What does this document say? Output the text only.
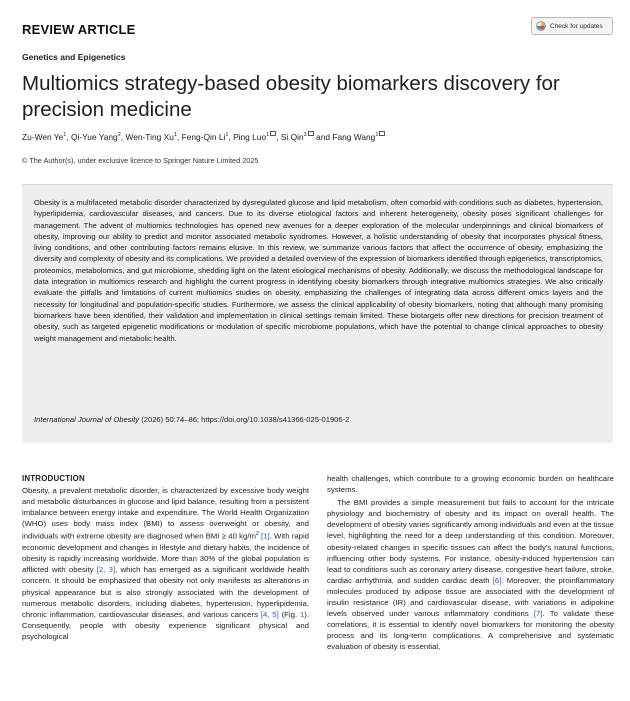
REVIEW ARTICLE	Check for updates
Genetics and Epigenetics
Multiomics strategy-based obesity biomarkers discovery for precision medicine
Zu-Wen Ye$^1$, Qi-Yue Yang$^2$, Wen-Ting Xu$^1$, Feng-Qin Li$^1$, Ping Luo$^1$ , Si Qin$^3$ and Fang Wang$^1$
© The Author(s), under exclusive licence to Springer Nature Limited 2025

Obesity is a multifaceted metabolic disorder characterized by dysregulated glucose and lipid metabolism, often comorbid with conditions such as diabetes, hypertension, hyperlipidemia, cardiovascular diseases, and cancers. Due to its diverse etiological factors and inherent heterogeneity, obesity poses significant challenges for management. The advent of multiomics technologies has opened new avenues for a deeper exploration of the molecular underpinnings and clinical biomarkers of obesity, improving our ability to predict and monitor associated metabolic syndromes. However, a holistic understanding of obesity that incorporates physical fitness, living conditions, and other contributing factors remains elusive. In this review, we summarize various factors that affect the occurrence of obesity, emphasizing the diversity and complexity of obesity and its complications. We provided a detailed overview of the expression of biomarkers identified through epigenetics, transcriptomics, proteomics, metabolomics, and gut microbiome, shedding light on the latent etiological mechanisms of obesity. Additionally, we discuss the methodological landscape for data integration in multiomics research and highlight the current progress in identifying obesity biomarkers through integrative multiomics strategies. We also critically evaluate the pitfalls and limitations of current multiomics studies on obesity, emphasizing the challenges of integrating data across different omics layers and the necessity for longitudinal and population-specific studies. Furthermore, we assess the clinical applicability of obesity biomarkers, noting that although many promising biomarkers have been identified, their validation and implementation in clinical settings remain limited. These biotargets offer new directions for precision treatment of obesity, such as targeted epigenetic modifications or modulation of specific microbiome populations, which have the potential to change clinical approaches to obesity weight management and metabolic health.

International Journal of Obesity (2026) 50:74–86; https://doi.org/10.1038/s41366-025-01906-2
INTRODUCTION

Obesity, a prevalent metabolic disorder, is characterized by excessive body weight and metabolic disturbances in glucose and lipid balance, resulting from a persistent imbalance between energy intake and expenditure. The World Health Organization (WHO) uses body mass index (BMI) to assess overweight or obesity, and individuals with extreme obesity are diagnosed when BMI ≥ 40 $kg/m^2$ [1]. With rapid economic development and changes in lifestyle and dietary habits, the incidence of obesity is rapidly increasing worldwide. More than 30% of the global population is afflicted with obesity [2, 3], which has emerged as a significant worldwide health concern. It should be emphasized that obesity not only manifests as alterations in physical appearance but is also strongly associated with the development of numerous metabolic disorders, including diabetes, hypertension, hyperlipidemia, chronic inflammation, cardiovascular diseases, and various cancers [4, 5] (Fig. 1). Consequently, people with obesity experience significant physical and psychological

health challenges, which contribute to a growing economic burden on healthcare systems.

The BMI provides a simple measurement but fails to account for the intricate physiology and biochemistry of obesity and its impact on overall health. The development of obesity varies significantly among individuals and even at the tissue level, highlighting the need for a deep understanding of this condition. Moreover, obesity-related changes in specific tissues can affect the body's natural functions, influencing other body systems. For instance, obesity-induced hypertension can lead to conditions such as coronary artery disease, congestive heart failure, stroke, cardiac arrhythmia, and sudden cardiac death [6]. Moreover, the proinflammatory molecules produced by adipose tissue are associated with the development of insulin resistance (IR) and cardiovascular disease, with variations in adipokine levels observed under various inflammatory conditions [7]. To validate these correlations, it is essential to identify novel biomarkers for monitoring the obesity process and its long-term complications. A comprehensive and systematic evaluation of obesity is essential,
